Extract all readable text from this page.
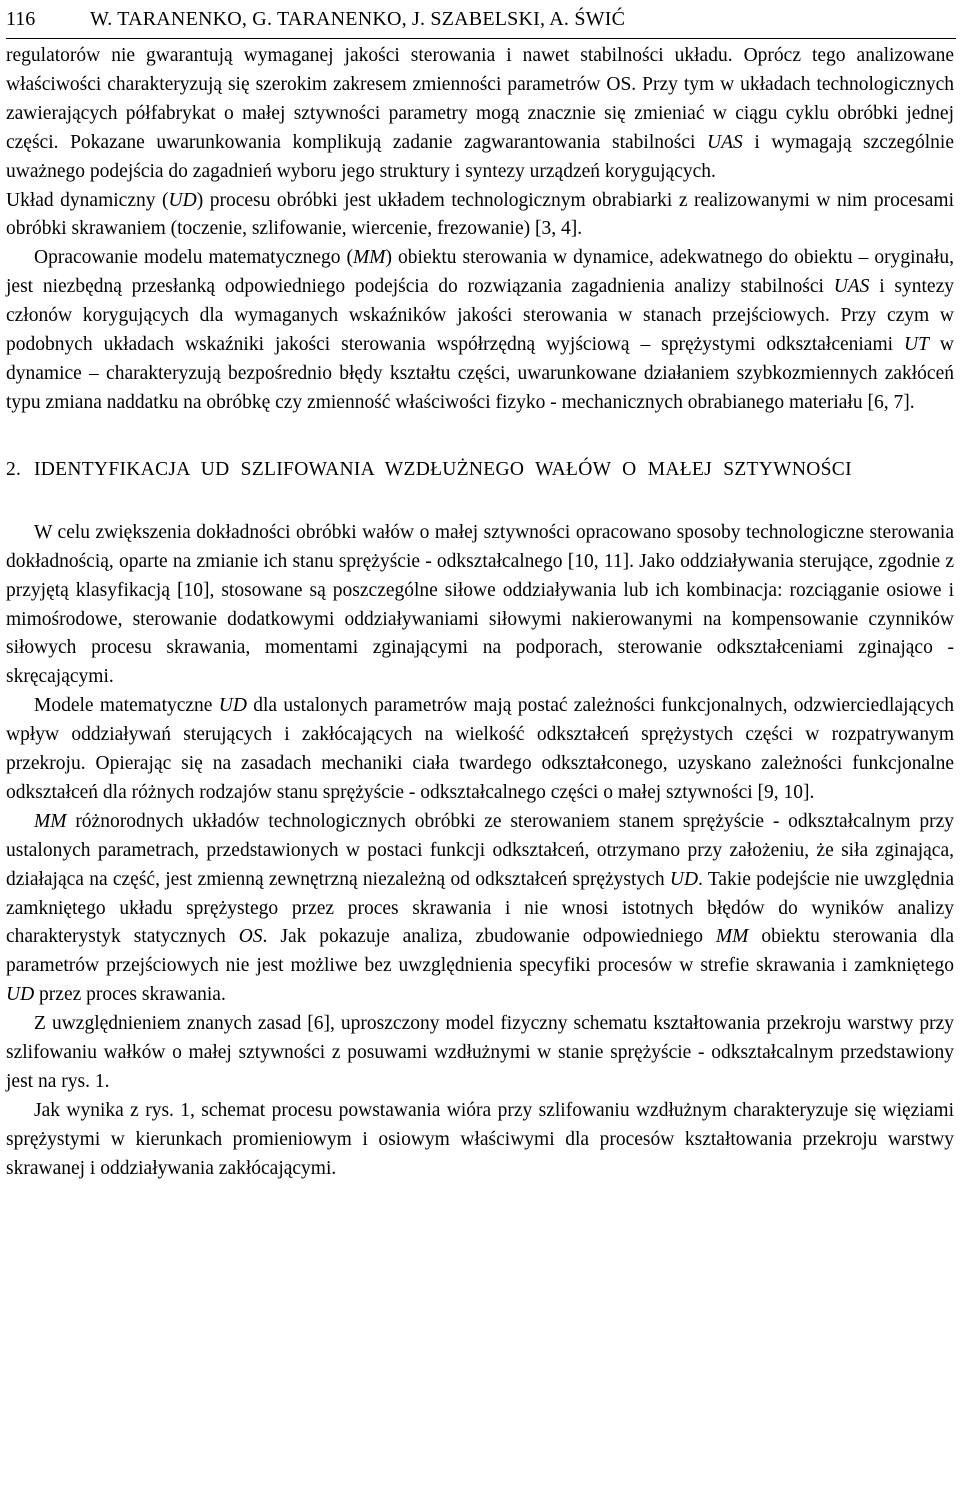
116	W. TARANENKO, G. TARANENKO, J. SZABELSKI, A. ŚWIĆ

regulatorów nie gwarantują wymaganej jakości sterowania i nawet stabilności układu. Oprócz tego analizowane właściwości charakteryzują się szerokim zakresem zmienności parametrów OS. Przy tym w układach technologicznych zawierających półfabrykat o małej sztywności parametry mogą znacznie się zmieniać w ciągu cyklu obróbki jednej części. Pokazane uwarunkowania komplikują zadanie zagwarantowania stabilności UAS i wymagają szczególnie uważnego podejścia do zagadnień wyboru jego struktury i syntezy urządzeń korygujących.

Układ dynamiczny (UD) procesu obróbki jest układem technologicznym obrabiarki z realizowanymi w nim procesami obróbki skrawaniem (toczenie, szlifowanie, wiercenie, frezowanie) [3, 4].

Opracowanie modelu matematycznego (MM) obiektu sterowania w dynamice, adekwatnego do obiektu – oryginału, jest niezbędną przesłanką odpowiedniego podejścia do rozwiązania zagadnienia analizy stabilności UAS i syntezy członów korygujących dla wymaganych wskaźników jakości sterowania w stanach przejściowych. Przy czym w podobnych układach wskaźniki jakości sterowania współrzędną wyjściową – sprężystymi odkształceniami UT w dynamice – charakteryzują bezpośrednio błędy kształtu części, uwarunkowane działaniem szybkozmiennych zakłóceń typu zmiana naddatku na obróbkę czy zmienność właściwości fizyko - mechanicznych obrabianego materiału [6, 7].

2. IDENTYFIKACJA UD SZLIFOWANIA WZDŁUŻNEGO WAŁÓW O MAŁEJ SZTYWNOŚCI

W celu zwiększenia dokładności obróbki wałów o małej sztywności opracowano sposoby technologiczne sterowania dokładnością, oparte na zmianie ich stanu sprężyście - odkształcalnego [10, 11]. Jako oddziaływania sterujące, zgodnie z przyjętą klasyfikacją [10], stosowane są poszczególne siłowe oddziaływania lub ich kombinacja: rozciąganie osiowe i mimośrodowe, sterowanie dodatkowymi oddziaływaniami siłowymi nakierowanymi na kompensowanie czynników siłowych procesu skrawania, momentami zginającymi na podporach, sterowanie odkształceniami zginająco - skręcającymi.

Modele matematyczne UD dla ustalonych parametrów mają postać zależności funkcjonalnych, odzwierciedlających wpływ oddziaływań sterujących i zakłócających na wielkość odkształceń sprężystych części w rozpatrywanym przekroju. Opierając się na zasadach mechaniki ciała twardego odkształconego, uzyskano zależności funkcjonalne odkształceń dla różnych rodzajów stanu sprężyście - odkształcalnego części o małej sztywności [9, 10].

MM różnorodnych układów technologicznych obróbki ze sterowaniem stanem sprężyście - odkształcalnym przy ustalonych parametrach, przedstawionych w postaci funkcji odkształceń, otrzymano przy założeniu, że siła zginająca, działająca na część, jest zmienną zewnętrzną niezależną od odkształceń sprężystych UD. Takie podejście nie uwzględnia zamkniętego układu sprężystego przez proces skrawania i nie wnosi istotnych błędów do wyników analizy charakterystyk statycznych OS. Jak pokazuje analiza, zbudowanie odpowiedniego MM obiektu sterowania dla parametrów przejściowych nie jest możliwe bez uwzględnienia specyfiki procesów w strefie skrawania i zamkniętego UD przez proces skrawania.

Z uwzględnieniem znanych zasad [6], uproszczony model fizyczny schematu kształtowania przekroju warstwy przy szlifowaniu wałków o małej sztywności z posuwami wzdłużnymi w stanie sprężyście - odkształcalnym przedstawiony jest na rys. 1.

Jak wynika z rys. 1, schemat procesu powstawania wióra przy szlifowaniu wzdłużnym charakteryzuje się więziami sprężystymi w kierunkach promieniowym i osiowym właściwymi dla procesów kształtowania przekroju warstwy skrawanej i oddziaływania zakłócającymi.
